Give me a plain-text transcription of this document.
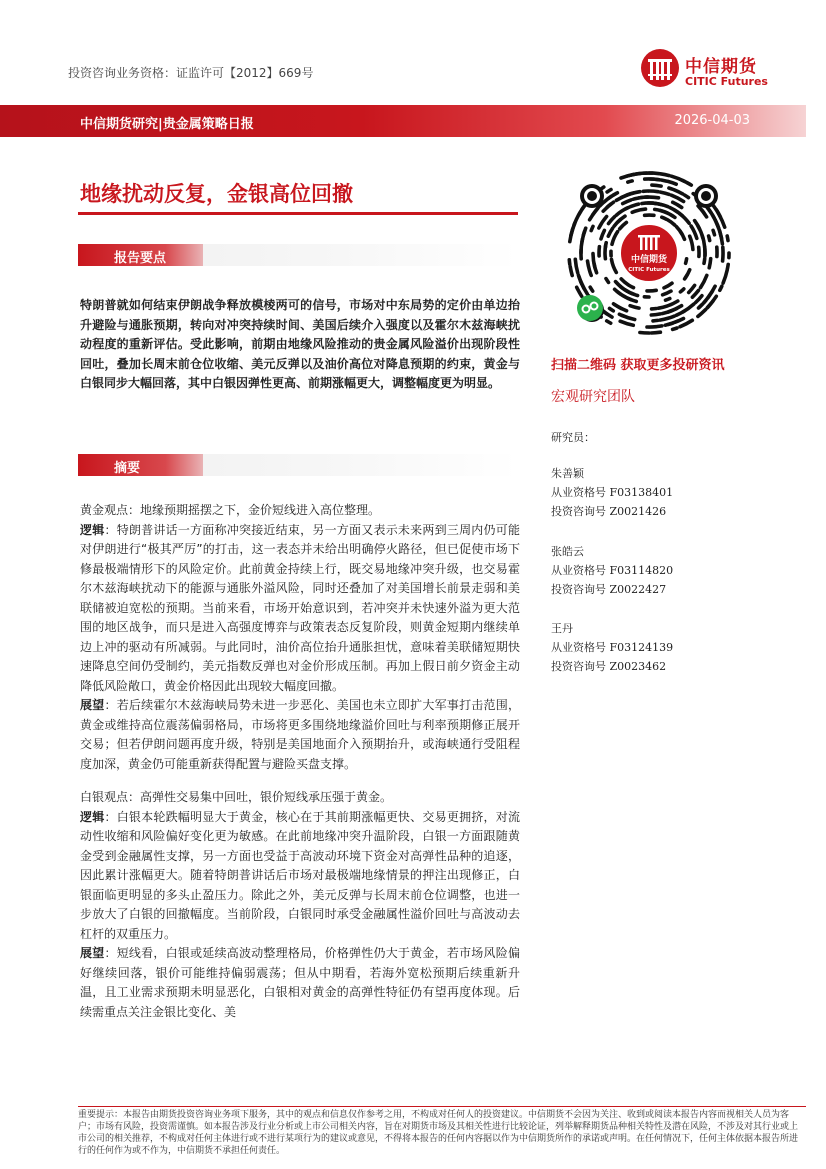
投资咨询业务资格：证监许可【2012】669号	中信期货
CITIC Futures
中信期货研究|贵金属策略日报	2026-04-03
地缘扰动反复，金银高位回撤
报告要点
特朗普就如何结束伊朗战争释放模棱两可的信号，市场对中东局势的定价由单边抬升避险与通胀预期，转向对冲突持续时间、美国后续介入强度以及霍尔木兹海峡扰动程度的重新评估。受此影响，前期由地缘风险推动的贵金属风险溢价出现阶段性回吐，叠加长周末前仓位收缩、美元反弹以及油价高位对降息预期的约束，黄金与白银同步大幅回落，其中白银因弹性更高、前期涨幅更大，调整幅度更为明显。
摘要

黄金观点：地缘预期摇摆之下，金价短线进入高位整理。

逻辑：特朗普讲话一方面称冲突接近结束，另一方面又表示未来两到三周内仍可能对伊朗进行“极其严厉”的打击，这一表态并未给出明确停火路径，但已促使市场下修最极端情形下的风险定价。此前黄金持续上行，既交易地缘冲突升级，也交易霍尔木兹海峡扰动下的能源与通胀外溢风险，同时还叠加了对美国增长前景走弱和美联储被迫宽松的预期。当前来看，市场开始意识到，若冲突并未快速外溢为更大范围的地区战争，而只是进入高强度博弈与政策表态反复阶段，则黄金短期内继续单边上冲的驱动有所减弱。与此同时，油价高位抬升通胀担忧，意味着美联储短期快速降息空间仍受制约，美元指数反弹也对金价形成压制。再加上假日前夕资金主动降低风险敞口，黄金价格因此出现较大幅度回撤。

展望：若后续霍尔木兹海峡局势未进一步恶化、美国也未立即扩大军事打击范围，黄金或维持高位震荡偏弱格局，市场将更多围绕地缘溢价回吐与利率预期修正展开交易；但若伊朗问题再度升级，特别是美国地面介入预期抬升，或海峡通行受阻程度加深，黄金仍可能重新获得配置与避险买盘支撑。

白银观点：高弹性交易集中回吐，银价短线承压强于黄金。

逻辑：白银本轮跌幅明显大于黄金，核心在于其前期涨幅更快、交易更拥挤，对流动性收缩和风险偏好变化更为敏感。在此前地缘冲突升温阶段，白银一方面跟随黄金受到金融属性支撑，另一方面也受益于高波动环境下资金对高弹性品种的追逐，因此累计涨幅更大。随着特朗普讲话后市场对最极端地缘情景的押注出现修正，白银面临更明显的多头止盈压力。除此之外，美元反弹与长周末前仓位调整，也进一步放大了白银的回撤幅度。当前阶段，白银同时承受金融属性溢价回吐与高波动去杠杆的双重压力。

展望：短线看，白银或延续高波动整理格局，价格弹性仍大于黄金，若市场风险偏好继续回落，银价可能维持偏弱震荡；但从中期看，若海外宽松预期后续重新升温，且工业需求预期未明显恶化，白银相对黄金的高弹性特征仍有望再度体现。后续需重点关注金银比变化、美

中信期货
CITIC Futures
扫描二维码 获取更多投研资讯
宏观研究团队
研究员：
朱善颖
从业资格号 F03138401
投资咨询号 Z0021426
张皓云
从业资格号 F03114820
投资咨询号 Z0022427
王丹
从业资格号 F03124139
投资咨询号 Z0023462
重要提示：本报告由期货投资咨询业务项下服务，其中的观点和信息仅作参考之用，不构成对任何人的投资建议。中信期货不会因为关注、收到或阅读本报告内容而视相关人员为客户；市场有风险，投资需谨慎。如本报告涉及行业分析或上市公司相关内容，旨在对期货市场及其相关性进行比较论证，列举解释期货品种相关特性及潜在风险，不涉及对其行业或上市公司的相关推荐，不构成对任何主体进行或不进行某项行为的建议或意见，不得将本报告的任何内容据以作为中信期货所作的承诺或声明。在任何情况下，任何主体依据本报告所进行的任何作为或不作为，中信期货不承担任何责任。
